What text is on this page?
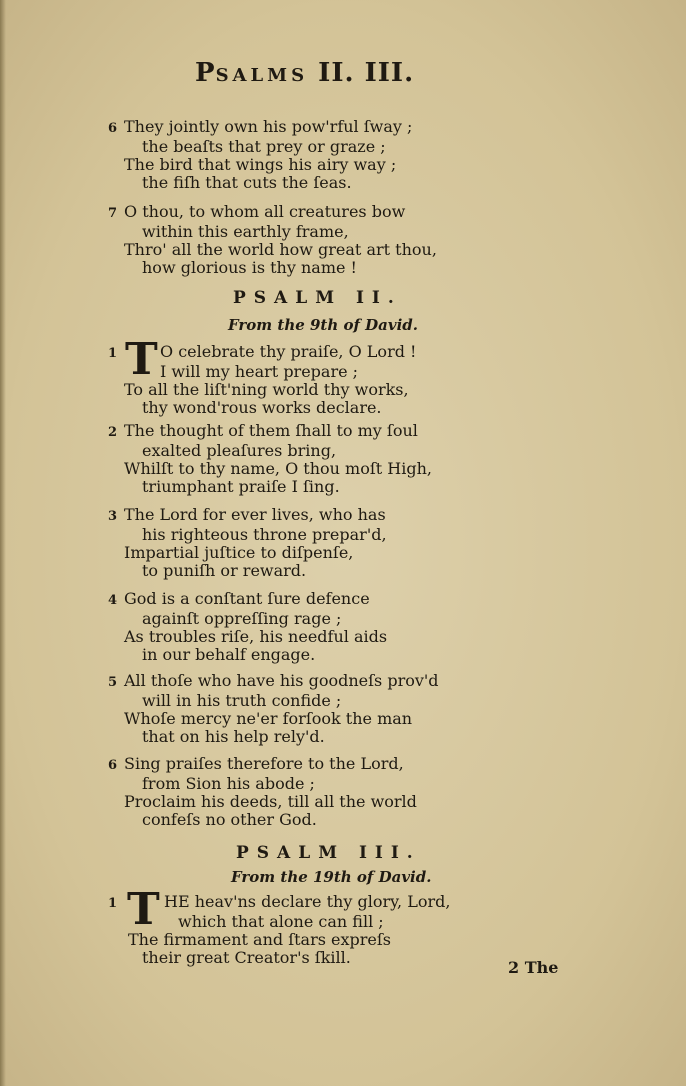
PSALMS II. III.
6 They jointly own his pow'rful ſway ;
the beaſts that prey or graze ;
The bird that wings his airy way ;
the fiſh that cuts the ſeas.
7 O thou, to whom all creatures bow
within this earthly frame,
Thro' all the world how great art thou,
how glorious is thy name !
PSALM II.
From the 9th of David.
1	O celebrate thy praiſe, O Lord !
I will my heart prepare ;
To all the liſt'ning world thy works,
thy wond'rous works declare.
T
2 The thought of them ſhall to my ſoul
exalted pleaſures bring,
Whilſt to thy name, O thou moſt High,
triumphant praiſe I ſing.
3 The Lord for ever lives, who has
his righteous throne prepar'd,
Impartial juſtice to diſpenſe,
to puniſh or reward.
4 God is a conſtant ſure defence
againſt oppreſſing rage ;
As troubles riſe, his needful aids
in our behalf engage.
5 All thoſe who have his goodneſs prov'd
will in his truth confide ;
Whoſe mercy ne'er forſook the man
that on his help rely'd.
6 Sing praiſes therefore to the Lord,
from Sion his abode ;
Proclaim his deeds, till all the world
confeſs no other God.
PSALM III.
From the 19th of David.
1	HE heav'ns declare thy glory, Lord,
which that alone can fill ;
The firmament and ſtars expreſs
their great Creator's ſkill.
T
2 The
